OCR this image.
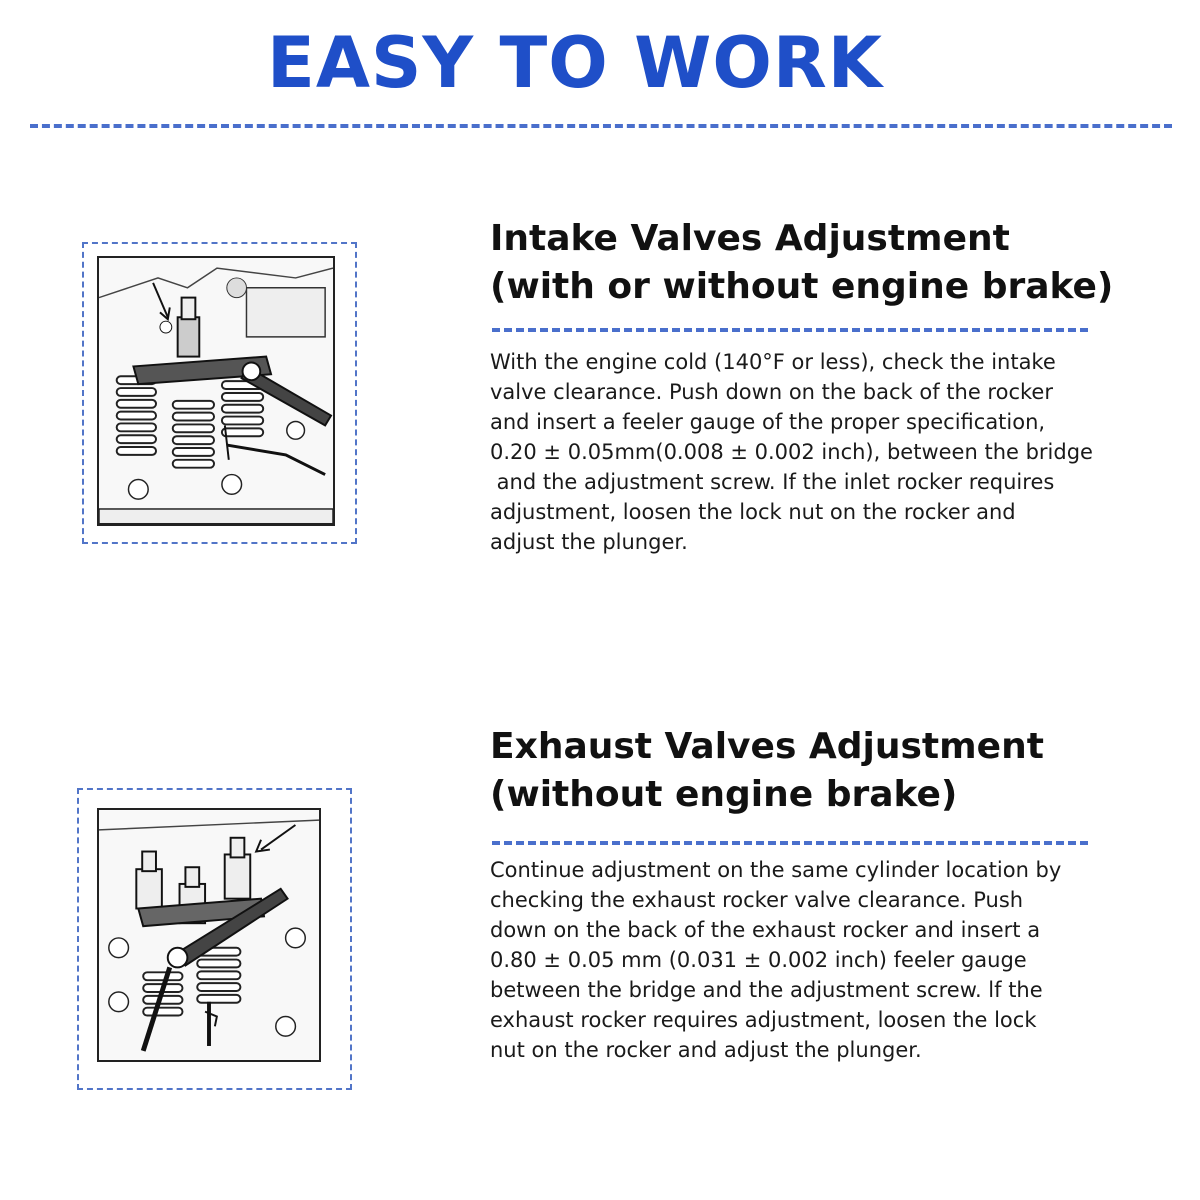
EASY TO WORK
Intake Valves Adjustment
(with or without engine brake)
With the engine cold (140°F or less), check the intake
valve clearance. Push down on the back of the rocker
and insert a feeler gauge of the proper specification,
0.20 ± 0.05mm(0.008 ± 0.002 inch), between the bridge
and the adjustment screw. If the inlet rocker requires
adjustment, loosen the lock nut on the rocker and
adjust the plunger.
Exhaust Valves Adjustment
(without engine brake)
Continue adjustment on the same cylinder location by
checking the exhaust rocker valve clearance. Push
down on the back of the exhaust rocker and insert a
0.80 ± 0.05 mm (0.031 ± 0.002 inch) feeler gauge
between the bridge and the adjustment screw. lf the
exhaust rocker requires adjustment, loosen the lock
nut on the rocker and adjust the plunger.
